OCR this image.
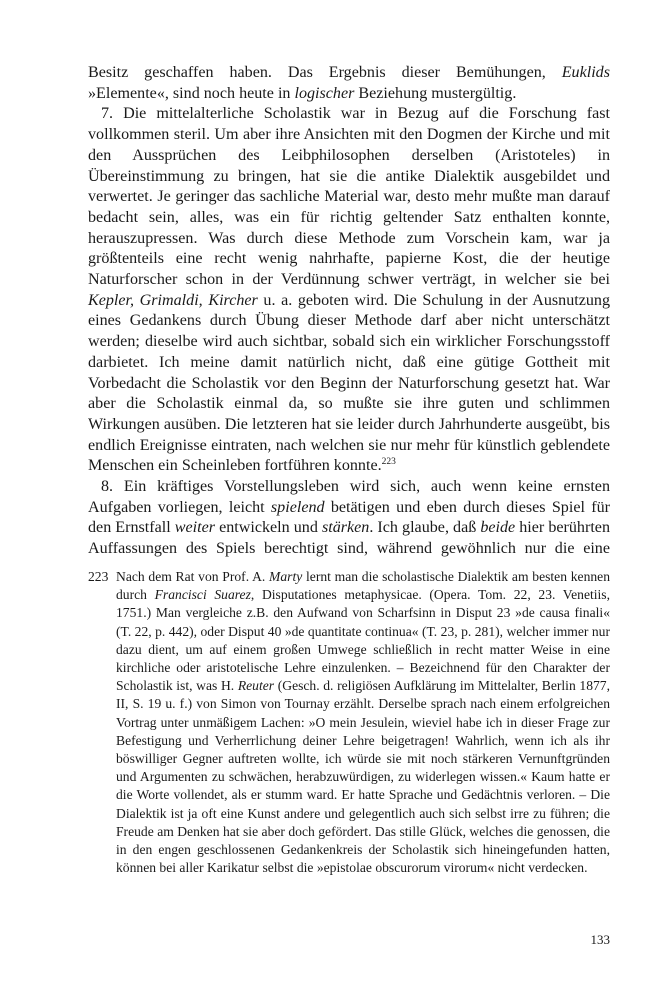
Besitz geschaffen haben. Das Ergebnis dieser Bemühungen, Euklids »Elemente«, sind noch heute in logischer Beziehung mustergültig.

7. Die mittelalterliche Scholastik war in Bezug auf die Forschung fast vollkommen steril. Um aber ihre Ansichten mit den Dogmen der Kirche und mit den Aussprüchen des Leibphilosophen derselben (Aristoteles) in Übereinstimmung zu bringen, hat sie die antike Dialektik ausgebildet und verwertet. Je geringer das sachliche Material war, desto mehr mußte man darauf bedacht sein, alles, was ein für richtig geltender Satz enthalten konnte, herauszupressen. Was durch diese Methode zum Vorschein kam, war ja größtenteils eine recht wenig nahrhafte, papierne Kost, die der heutige Naturforscher schon in der Verdünnung schwer verträgt, in welcher sie bei Kepler, Grimaldi, Kircher u. a. geboten wird. Die Schulung in der Ausnutzung eines Gedankens durch Übung dieser Methode darf aber nicht unterschätzt werden; dieselbe wird auch sichtbar, sobald sich ein wirklicher Forschungsstoff darbietet. Ich meine damit natürlich nicht, daß eine gütige Gottheit mit Vorbedacht die Scholastik vor den Beginn der Naturforschung gesetzt hat. War aber die Scholastik einmal da, so mußte sie ihre guten und schlimmen Wirkungen ausüben. Die letzteren hat sie leider durch Jahrhunderte ausgeübt, bis endlich Ereignisse eintraten, nach welchen sie nur mehr für künstlich geblendete Menschen ein Scheinleben fortführen konnte.$^{223}$

8. Ein kräftiges Vorstellungsleben wird sich, auch wenn keine ernsten Aufgaben vorliegen, leicht spielend betätigen und eben durch dieses Spiel für den Ernstfall weiter entwickeln und stärken. Ich glaube, daß beide hier berührten Auffassungen des Spiels berechtigt sind, während gewöhnlich nur die eine

223 Nach dem Rat von Prof. A. Marty lernt man die scholastische Dialektik am besten kennen durch Francisci Suarez, Disputationes metaphysicae. (Opera. Tom. 22, 23. Venetiis, 1751.) Man vergleiche z.B. den Aufwand von Scharfsinn in Disput 23 »de causa finali« (T. 22, p. 442), oder Disput 40 »de quantitate continua« (T. 23, p. 281), welcher immer nur dazu dient, um auf einem großen Umwege schließlich in recht matter Weise in eine kirchliche oder aristotelische Lehre einzulenken. – Bezeichnend für den Charakter der Scholastik ist, was H. Reuter (Gesch. d. religiösen Aufklärung im Mittelalter, Berlin 1877, II, S. 19 u. f.) von Simon von Tournay erzählt. Derselbe sprach nach einem erfolgreichen Vortrag unter unmäßigem Lachen: »O mein Jesulein, wieviel habe ich in dieser Frage zur Befestigung und Verherrlichung deiner Lehre beigetragen! Wahrlich, wenn ich als ihr böswilliger Gegner auftreten wollte, ich würde sie mit noch stärkeren Vernunftgründen und Argumenten zu schwächen, herabzuwürdigen, zu widerlegen wissen.« Kaum hatte er die Worte vollendet, als er stumm ward. Er hatte Sprache und Gedächtnis verloren. – Die Dialektik ist ja oft eine Kunst andere und gelegentlich auch sich selbst irre zu führen; die Freude am Denken hat sie aber doch gefördert. Das stille Glück, welches die genossen, die in den engen geschlossenen Gedankenkreis der Scholastik sich hineingefunden hatten, können bei aller Karikatur selbst die »epistolae obscurorum virorum« nicht verdecken.
133
